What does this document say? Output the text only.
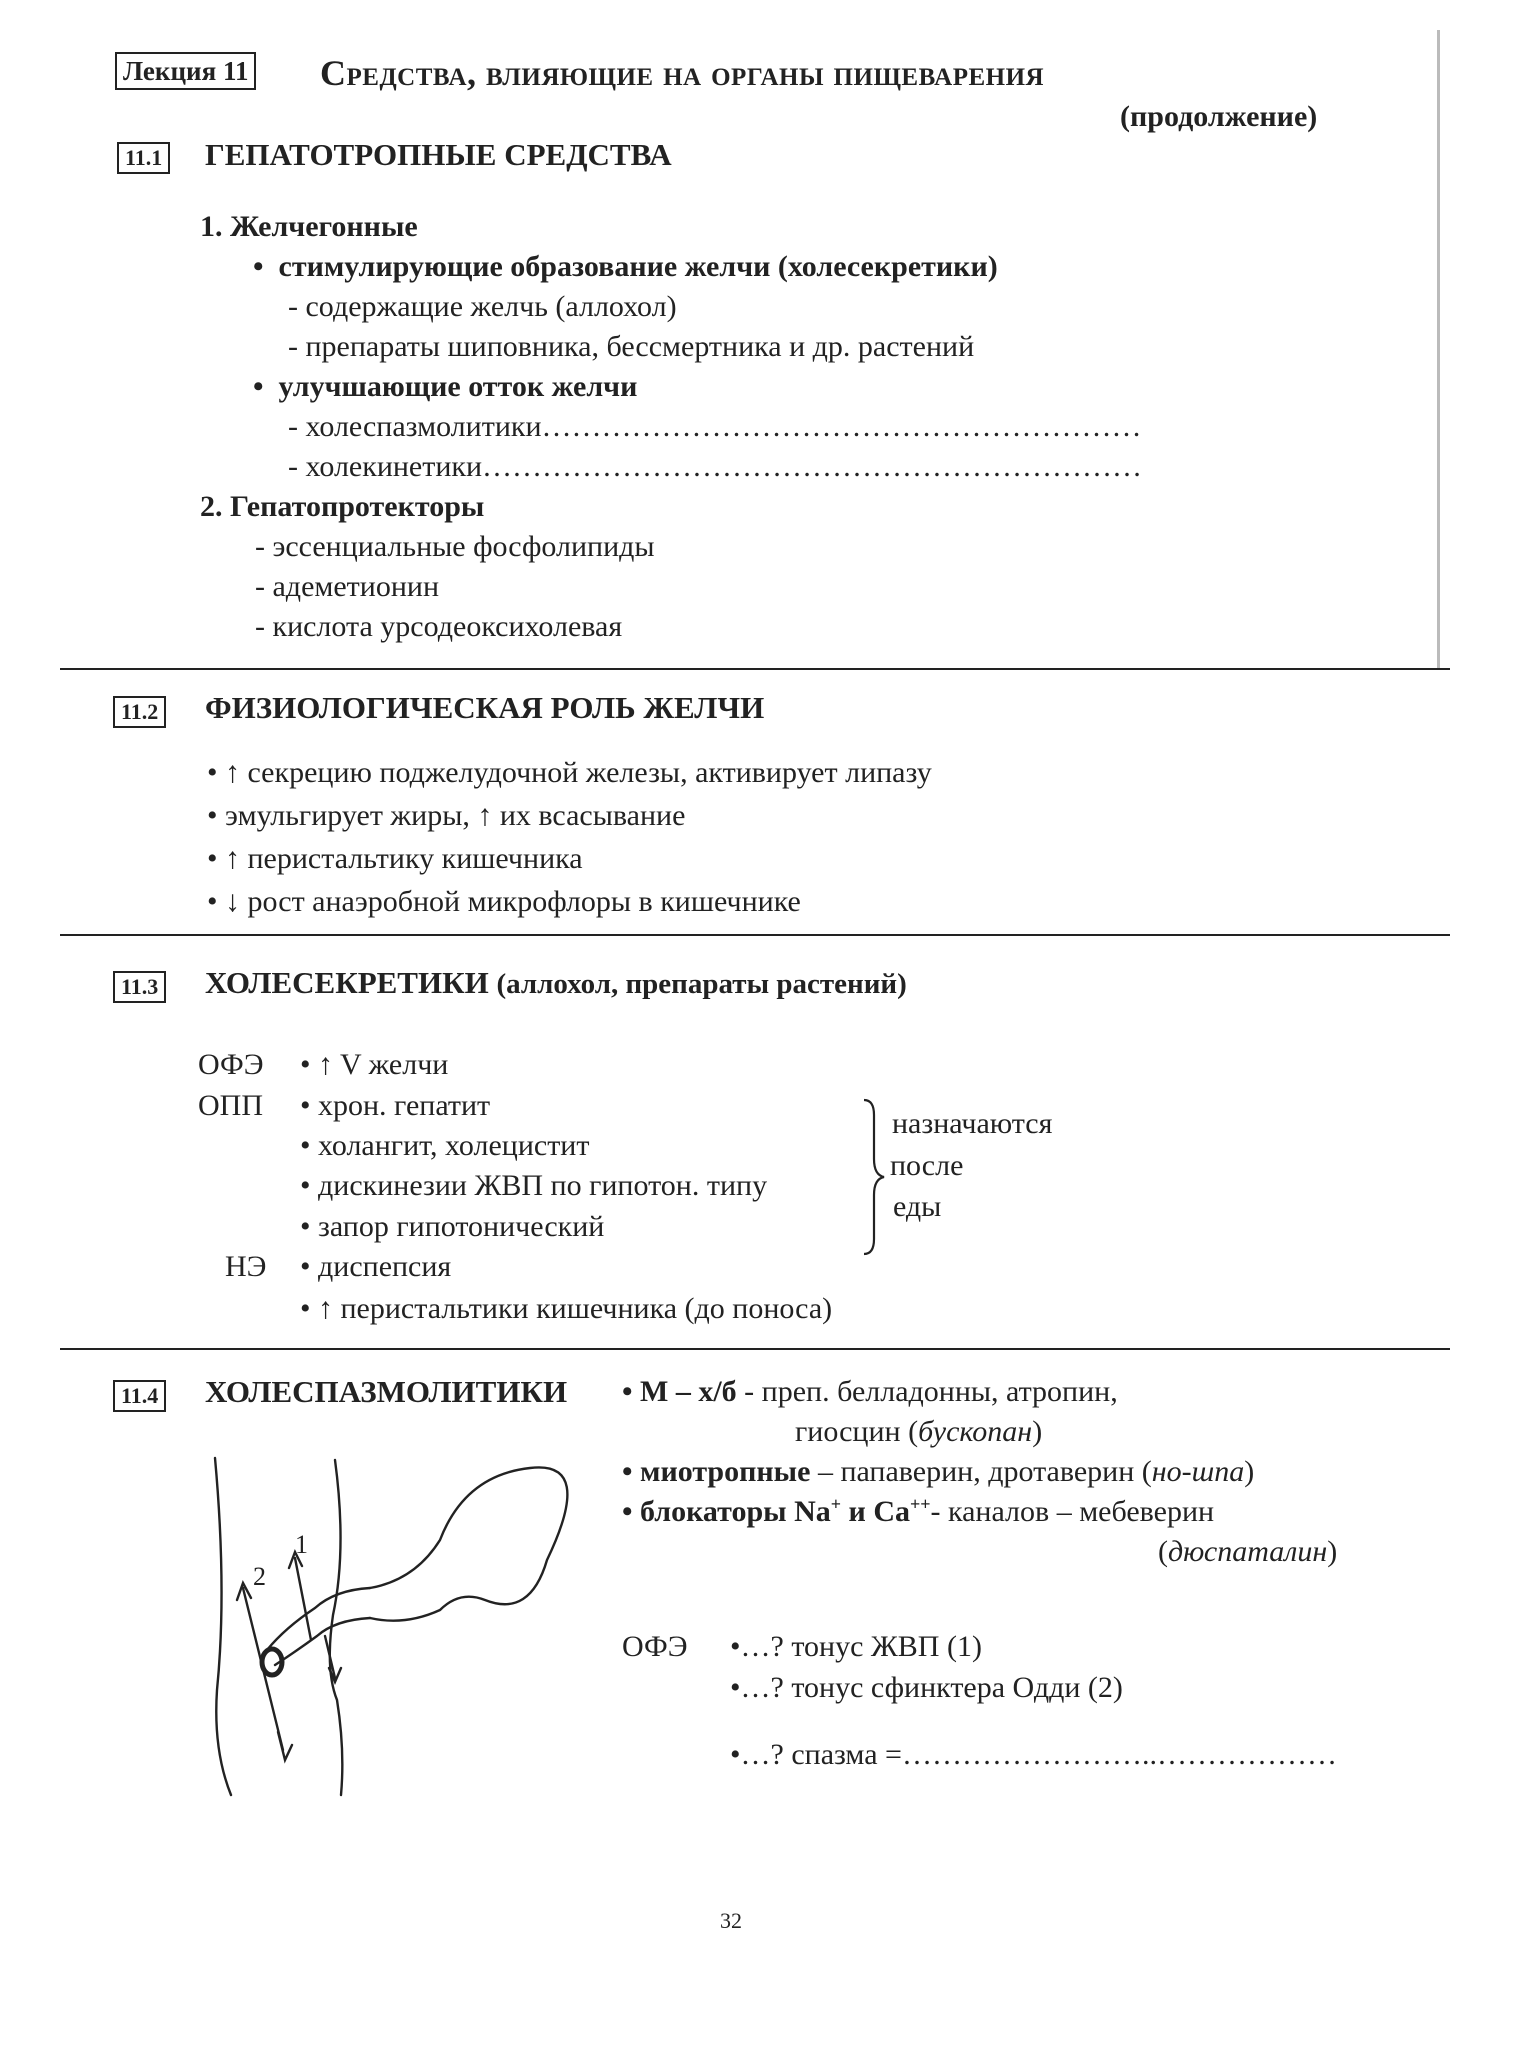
Лекция 11 Средства, влияющие на органы пищеварения
(продолжение)
11.1 ГЕПАТОТРОПНЫЕ СРЕДСТВА
1. Желчегонные
•  стимулирующие образование желчи (холесекретики)
- содержащие желчь (аллохол)
- препараты шиповника, бессмертника и др. растений
•  улучшающие отток желчи
- холеспазмолитики……………………………………………………
- холекинетики…………………………………………………………
2. Гепатопротекторы
- эссенциальные фосфолипиды
- адеметионин
- кислота урсодеоксихолевая
11.2 ФИЗИОЛОГИЧЕСКАЯ РОЛЬ ЖЕЛЧИ
• ↑ секрецию поджелудочной железы, активирует липазу
• эмульгирует жиры, ↑ их всасывание
• ↑ перистальтику кишечника
• ↓ рост анаэробной микрофлоры в кишечнике
11.3 ХОЛЕСЕКРЕТИКИ (аллохол, препараты растений)
ОФЭ
ОПП
НЭ
• ↑ V желчи
• хрон. гепатит
• холангит, холецистит
• дискинезии ЖВП по гипотон. типу
• запор гипотонический
• диспепсия
• ↑ перистальтики кишечника (до поноса)
назначаются
после
еды
11.4 ХОЛЕСПАЗМОЛИТИКИ • М – х/б - преп. белладонны, атропин,
гиосцин (бускопан)
• миотропные – папаверин, дротаверин (но-шпа)
• блокаторы Na+ и Ca++- каналов – мебеверин
(дюспаталин)
ОФЭ •…? тонус ЖВП (1)
•…? тонус сфинктера Одди (2)
•…? спазма =……………………..………………
1
2
32
